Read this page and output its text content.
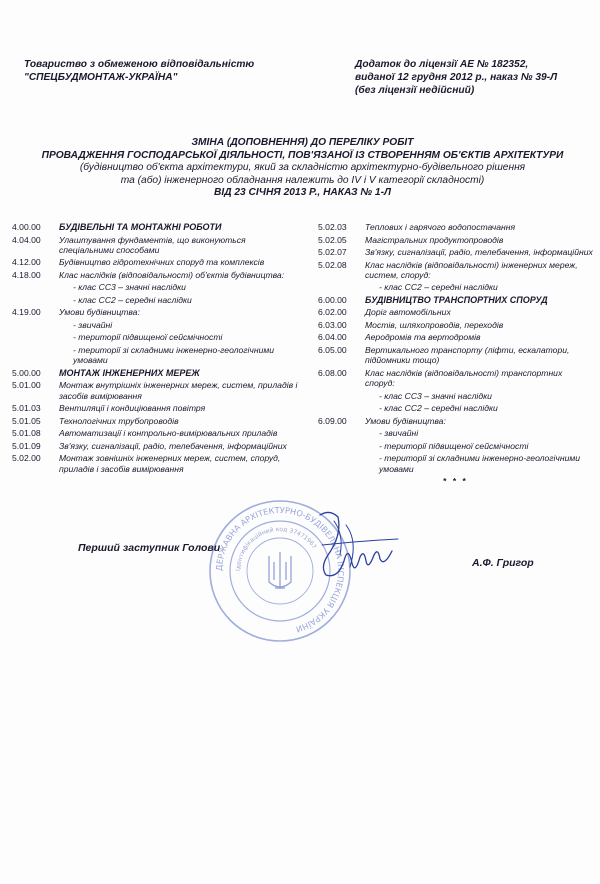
Товариство з обмеженою відповідальністю
"СПЕЦБУДМОНТАЖ-УКРАЇНА"
Додаток до ліцензії АЕ № 182352,
виданої 12 грудня 2012 р., наказ № 39-Л
(без ліцензії недійсний)
ЗМІНА (ДОПОВНЕННЯ) ДО ПЕРЕЛІКУ РОБІТ
ПРОВАДЖЕННЯ ГОСПОДАРСЬКОЇ ДІЯЛЬНОСТІ, ПОВ'ЯЗАНОЇ ІЗ СТВОРЕННЯМ ОБ'ЄКТІВ АРХІТЕКТУРИ
(будівництво об'єкта архітектури, який за складністю архітектурно-будівельного рішення
та (або) інженерного обладнання належить до IV і V категорії складності)
ВІД 23 СІЧНЯ 2013 Р., НАКАЗ № 1-Л
4.00.00	БУДІВЕЛЬНІ ТА МОНТАЖНІ РОБОТИ
4.04.00	Улаштування фундаментів, що виконуються спеціальними способами
4.12.00	Будівництво гідротехнічних споруд та комплексів
4.18.00	Клас наслідків (відповідальності) об'єктів будівництва:
- клас СС3 – значні наслідки
- клас СС2 – середні наслідки
4.19.00	Умови будівництва:
- звичайні
- території підвищеної сейсмічності
- території зі складними інженерно-геологічними умовами
5.00.00	МОНТАЖ ІНЖЕНЕРНИХ МЕРЕЖ
5.01.00	Монтаж внутрішніх інженерних мереж, систем, приладів і засобів вимірювання
5.01.03	Вентиляції і кондиціювання повітря
5.01.05	Технологічних трубопроводів
5.01.08	Автоматизації і контрольно-вимірювальних приладів
5.01.09	Зв'язку, сигналізації, радіо, телебачення, інформаційних
5.02.00	Монтаж зовнішніх інженерних мереж, систем, споруд, приладів і засобів вимірювання
5.02.03	Теплових і гарячого водопостачання
5.02.05	Магістральних продуктопроводів
5.02.07	Зв'язку, сигналізації, радіо, телебачення, інформаційних
5.02.08	Клас наслідків (відповідальності) інженерних мереж, систем, споруд:
- клас СС2 – середні наслідки
6.00.00	БУДІВНИЦТВО ТРАНСПОРТНИХ СПОРУД
6.02.00	Доріг автомобільних
6.03.00	Мостів, шляхопроводів, переходів
6.04.00	Аеродромів та вертодромів
6.05.00	Вертикального транспорту (ліфти, ескалатори, підйомники тощо)
6.08.00	Клас наслідків (відповідальності) транспортних споруд:
- клас СС3 – значні наслідки
- клас СС2 – середні наслідки
6.09.00	Умови будівництва:
- звичайні
- території підвищеної сейсмічності
- території зі складними інженерно-геологічними умовами
* * *
ДЕРЖАВНА АРХІТЕКТУРНО-БУДІВЕЛЬНА ІНСПЕКЦІЯ УКРАЇНИ
Ідентифікаційний код 37471967
Перший заступник Голови
А.Ф. Григор
